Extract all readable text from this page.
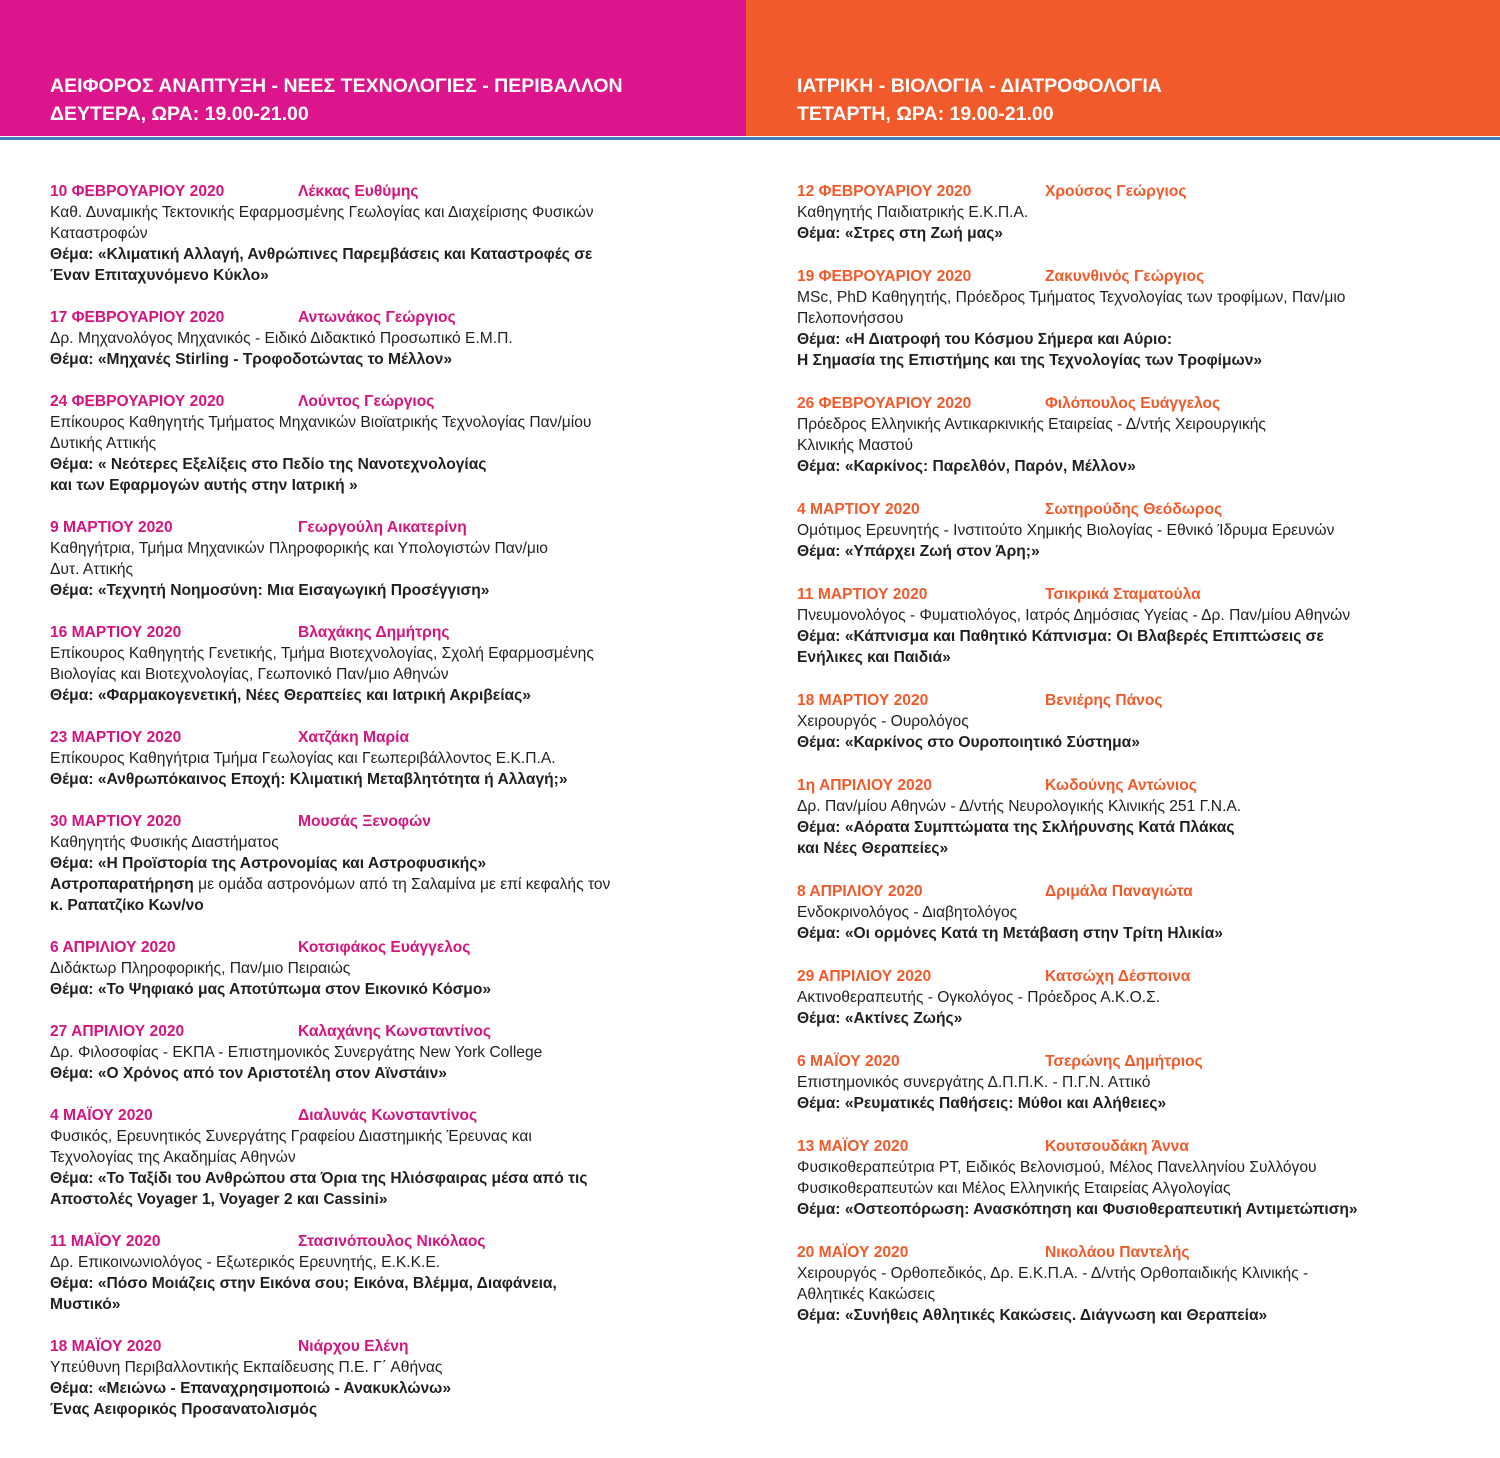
ΑΕΙΦΟΡΟΣ ΑΝΑΠΤΥΞΗ - ΝΕΕΣ ΤΕΧΝΟΛΟΓΙΕΣ - ΠΕΡΙΒΑΛΛΟΝ
ΔΕΥΤΕΡΑ, ΩΡΑ: 19.00-21.00
ΙΑΤΡΙΚΗ - ΒΙΟΛΟΓΙΑ - ΔΙΑΤΡΟΦΟΛΟΓΙΑ
ΤΕΤΑΡΤΗ, ΩΡΑ: 19.00-21.00
10 ΦΕΒΡΟΥΑΡΙΟΥ 2020	Λέκκας Ευθύμης
Καθ. Δυναμικής Τεκτονικής Εφαρμοσμένης Γεωλογίας και Διαχείρισης Φυσικών
Καταστροφών
Θέμα: «Κλιματική Αλλαγή, Ανθρώπινες Παρεμβάσεις και Καταστροφές σε
Έναν Επιταχυνόμενο Κύκλο»
17 ΦΕΒΡΟΥΑΡΙΟΥ 2020	Αντωνάκος Γεώργιος
Δρ. Μηχανολόγος Μηχανικός - Ειδικό Διδακτικό Προσωπικό Ε.Μ.Π.
Θέμα: «Μηχανές Stirling - Τροφοδοτώντας το Μέλλον»
24 ΦΕΒΡΟΥΑΡΙΟΥ 2020	Λούντος Γεώργιος
Επίκουρος Καθηγητής Τμήματος Μηχανικών Βιοϊατρικής Τεχνολογίας Παν/μίου
Δυτικής Αττικής
Θέμα: « Νεότερες Εξελίξεις στο Πεδίο της Νανοτεχνολογίας
και των Εφαρμογών αυτής στην Ιατρική »
9 ΜΑΡΤΙΟΥ 2020	Γεωργούλη Αικατερίνη
Καθηγήτρια, Τμήμα Μηχανικών Πληροφορικής και Υπολογιστών Παν/μιο
Δυτ. Αττικής
Θέμα: «Τεχνητή Νοημοσύνη: Μια Εισαγωγική Προσέγγιση»
16 ΜΑΡΤΙΟΥ 2020	Βλαχάκης Δημήτρης
Επίκουρος Καθηγητής Γενετικής, Τμήμα Βιοτεχνολογίας, Σχολή Εφαρμοσμένης
Βιολογίας και Βιοτεχνολογίας, Γεωπονικό Παν/μιο Αθηνών
Θέμα: «Φαρμακογενετική, Νέες Θεραπείες και Ιατρική Ακριβείας»
23 ΜΑΡΤΙΟΥ 2020	Χατζάκη Μαρία
Επίκουρος Καθηγήτρια Τμήμα Γεωλογίας και Γεωπεριβάλλοντος Ε.Κ.Π.Α.
Θέμα: «Ανθρωπόκαινος Εποχή: Κλιματική Μεταβλητότητα ή Αλλαγή;»
30 ΜΑΡΤΙΟΥ 2020	Μουσάς Ξενοφών
Καθηγητής Φυσικής Διαστήματος
Θέμα: «Η Προϊστορία της Αστρονομίας και Αστροφυσικής»
Αστροπαρατήρηση με ομάδα αστρονόμων από τη Σαλαμίνα με επί κεφαλής τον
κ. Ραπατζίκο Κων/νο
6 ΑΠΡΙΛΙΟΥ 2020	Κοτσιφάκος Ευάγγελος
Διδάκτωρ Πληροφορικής, Παν/μιο Πειραιώς
Θέμα: «Το Ψηφιακό μας Αποτύπωμα στον Εικονικό Κόσμο»
27 ΑΠΡΙΛΙΟΥ 2020	Καλαχάνης Κωνσταντίνος
Δρ. Φιλοσοφίας - ΕΚΠΑ - Επιστημονικός Συνεργάτης New York College
Θέμα: «Ο Χρόνος από τον Αριστοτέλη στον Αϊνστάιν»
4 ΜΑΪΟΥ 2020	Διαλυνάς Κωνσταντίνος
Φυσικός, Ερευνητικός Συνεργάτης Γραφείου Διαστημικής Έρευνας και
Τεχνολογίας της Ακαδημίας Αθηνών
Θέμα: «Το Ταξίδι του Ανθρώπου στα Όρια της Ηλιόσφαιρας μέσα από τις
Αποστολές Voyager 1, Voyager 2 και Cassini»
11 ΜΑΪΟΥ 2020	Στασινόπουλος Νικόλαος
Δρ. Επικοινωνιολόγος - Εξωτερικός Ερευνητής, Ε.Κ.Κ.Ε.
Θέμα: «Πόσο Μοιάζεις στην Εικόνα σου; Εικόνα, Βλέμμα, Διαφάνεια,
Μυστικό»
18 ΜΑΪΟΥ 2020	Νιάρχου Ελένη
Υπεύθυνη Περιβαλλοντικής Εκπαίδευσης Π.Ε. Γ΄ Αθήνας
Θέμα: «Μειώνω - Επαναχρησιμοποιώ - Ανακυκλώνω»
Ένας Αειφορικός Προσανατολισμός
12 ΦΕΒΡΟΥΑΡΙΟΥ 2020	Χρούσος Γεώργιος
Καθηγητής Παιδιατρικής Ε.Κ.Π.Α.
Θέμα: «Στρες στη Ζωή μας»
19 ΦΕΒΡΟΥΑΡΙΟΥ 2020	Ζακυνθινός Γεώργιος
MSc, PhD Καθηγητής, Πρόεδρος Τμήματος Τεχνολογίας των τροφίμων, Παν/μιο
Πελοπονήσσου
Θέμα: «Η Διατροφή του Κόσμου Σήμερα και Αύριο:
Η Σημασία της Επιστήμης και της Τεχνολογίας των Τροφίμων»
26 ΦΕΒΡΟΥΑΡΙΟΥ 2020	Φιλόπουλος Ευάγγελος
Πρόεδρος Ελληνικής Αντικαρκινικής Εταιρείας - Δ/ντής Χειρουργικής
Κλινικής Μαστού
Θέμα: «Καρκίνος: Παρελθόν, Παρόν, Μέλλον»
4 ΜΑΡΤΙΟΥ 2020	Σωτηρούδης Θεόδωρος
Ομότιμος Ερευνητής - Ινστιτούτο Χημικής Βιολογίας - Εθνικό Ίδρυμα Ερευνών
Θέμα: «Υπάρχει Ζωή στον Άρη;»
11 ΜΑΡΤΙΟΥ 2020	Τσικρικά Σταματούλα
Πνευμονολόγος - Φυματιολόγος, Ιατρός Δημόσιας Υγείας - Δρ. Παν/μίου Αθηνών
Θέμα: «Κάπνισμα και Παθητικό Κάπνισμα: Οι Βλαβερές Επιπτώσεις σε
Ενήλικες και Παιδιά»
18 ΜΑΡΤΙΟΥ 2020	Βενιέρης Πάνος
Χειρουργός - Ουρολόγος
Θέμα: «Καρκίνος στο Ουροποιητικό Σύστημα»
1η ΑΠΡΙΛΙΟΥ 2020	Κωδούνης Αντώνιος
Δρ. Παν/μίου Αθηνών - Δ/ντής Νευρολογικής Κλινικής 251 Γ.Ν.Α.
Θέμα: «Αόρατα Συμπτώματα της Σκλήρυνσης Κατά Πλάκας
και Νέες Θεραπείες»
8 ΑΠΡΙΛΙΟΥ 2020	Δριμάλα Παναγιώτα
Ενδοκρινολόγος - Διαβητολόγος
Θέμα: «Οι ορμόνες Κατά τη Μετάβαση στην Τρίτη Ηλικία»
29 ΑΠΡΙΛΙΟΥ 2020	Κατσώχη Δέσποινα
Ακτινοθεραπευτής - Ογκολόγος - Πρόεδρος Α.Κ.Ο.Σ.
Θέμα: «Ακτίνες Ζωής»
6 ΜΑΪΟΥ 2020	Τσερώνης Δημήτριος
Επιστημονικός συνεργάτης Δ.Π.Π.Κ. - Π.Γ.Ν. Αττικό
Θέμα: «Ρευματικές Παθήσεις: Μύθοι και Αλήθειες»
13 ΜΑΪΟΥ 2020	Κουτσουδάκη Άννα
Φυσικοθεραπεύτρια PT, Ειδικός Βελονισμού, Μέλος Πανελληνίου Συλλόγου
Φυσικοθεραπευτών και Μέλος Ελληνικής Εταιρείας Αλγολογίας
Θέμα: «Οστεοπόρωση: Ανασκόπηση και Φυσιοθεραπευτική Αντιμετώπιση»
20 ΜΑΪΟΥ 2020	Νικολάου Παντελής
Χειρουργός - Ορθοπεδικός, Δρ. Ε.Κ.Π.Α. - Δ/ντής Ορθοπαιδικής Κλινικής -
Αθλητικές Κακώσεις
Θέμα: «Συνήθεις Αθλητικές Κακώσεις. Διάγνωση και Θεραπεία»
